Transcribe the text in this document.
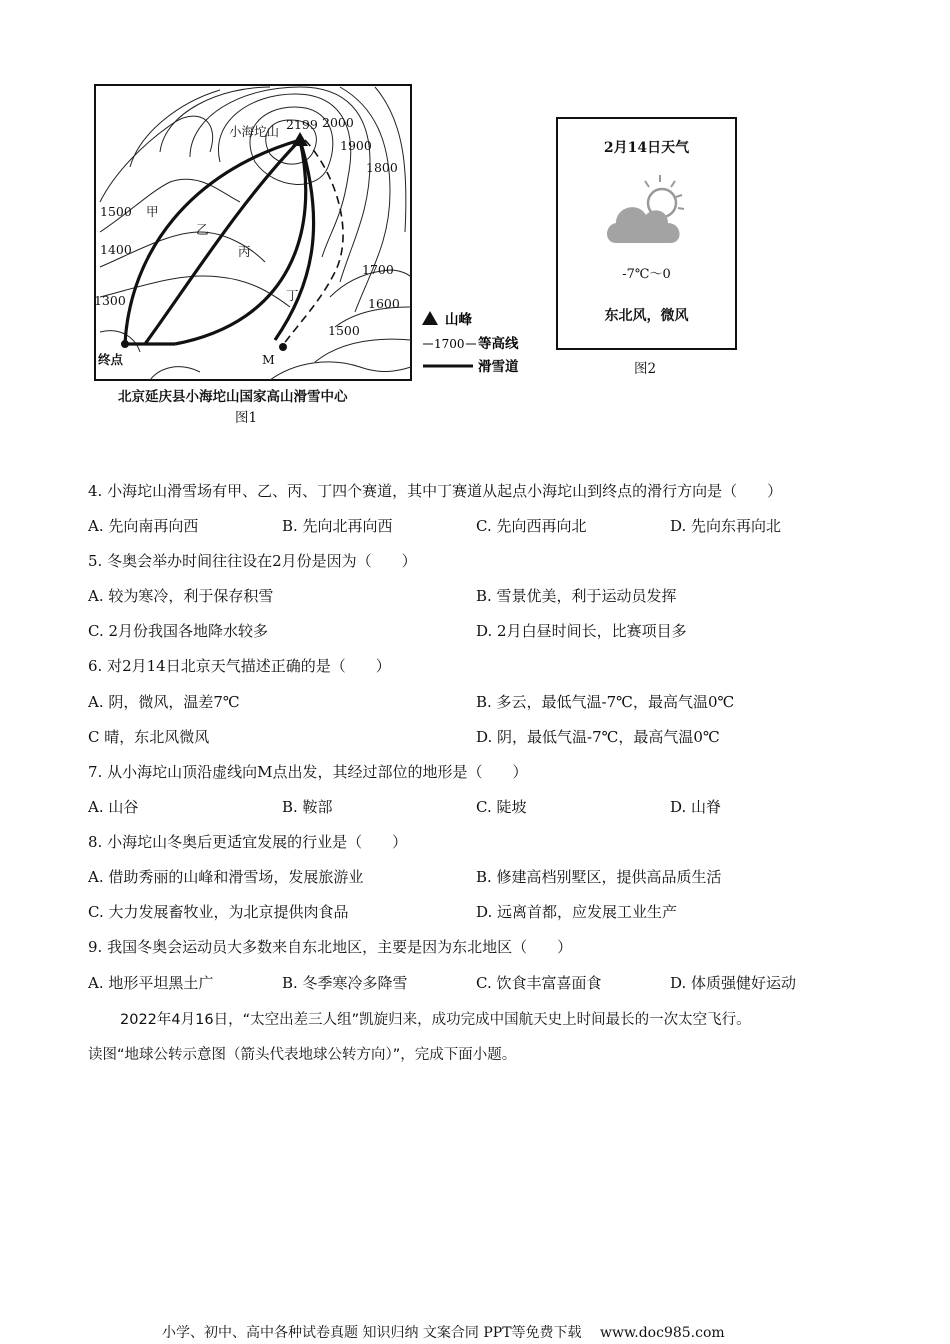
小海坨山 2199 2000
1900
1800
1700
1600
1500
1500
1400
1300
甲
乙
丙
丁
终点	M
山峰
1700 等高线
滑雪道
北京延庆县小海坨山国家高山滑雪中心
图1
2月14日天气
-7℃～0
东北风，微风
图2
4. 小海坨山滑雪场有甲、乙、丙、丁四个赛道，其中丁赛道从起点小海坨山到终点的滑行方向是（　　）
A. 先向南再向西	B. 先向北再向西	C. 先向西再向北	D. 先向东再向北
5. 冬奥会举办时间往往设在2月份是因为（　　）
A. 较为寒冷，利于保存积雪	B. 雪景优美，利于运动员发挥
C. 2月份我国各地降水较多	D. 2月白昼时间长，比赛项目多
6. 对2月14日北京天气描述正确的是（　　）
A. 阴，微风，温差7℃	B. 多云，最低气温-7℃，最高气温0℃
C 晴，东北风微风	D. 阴，最低气温-7℃，最高气温0℃
7. 从小海坨山顶沿虚线向M点出发，其经过部位的地形是（　　）
A. 山谷	B. 鞍部	C. 陡坡	D. 山脊
8. 小海坨山冬奥后更适宜发展的行业是（　　）
A. 借助秀丽的山峰和滑雪场，发展旅游业	B. 修建高档别墅区，提供高品质生活
C. 大力发展畜牧业，为北京提供肉食品	D. 远离首都，应发展工业生产
9. 我国冬奥会运动员大多数来自东北地区，主要是因为东北地区（　　）
A. 地形平坦黑土广	B. 冬季寒冷多降雪	C. 饮食丰富喜面食	D. 体质强健好运动
2022年4月16日，“太空出差三人组”凯旋归来，成功完成中国航天史上时间最长的一次太空飞行。
读图“地球公转示意图（箭头代表地球公转方向）”，完成下面小题。
小学、初中、高中各种试卷真题 知识归纳 文案合同 PPT等免费下载　 www.doc985.com
